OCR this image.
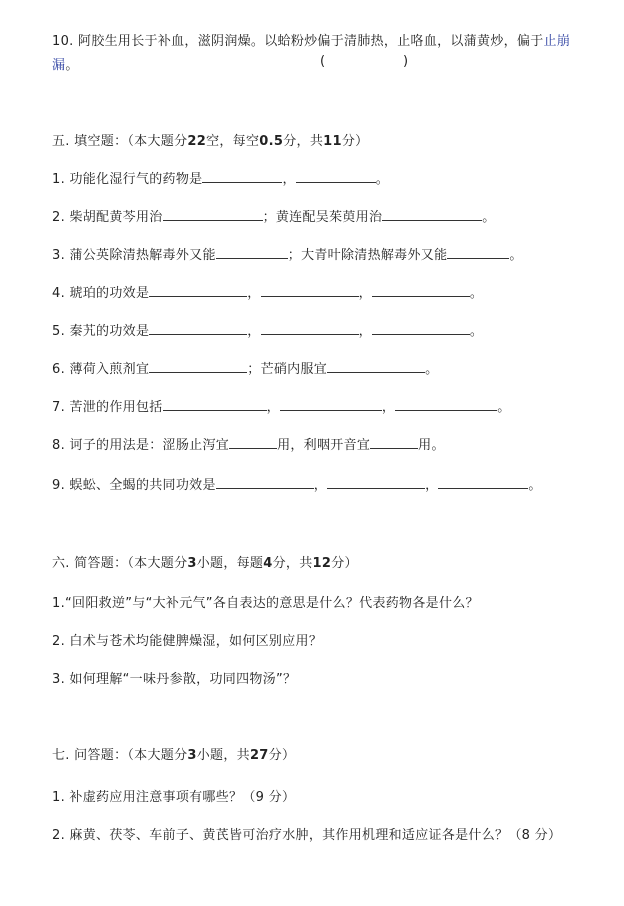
10. 阿胶生用长于补血，滋阴润燥。以蛤粉炒偏于清肺热，止咯血，以蒲黄炒，偏于止崩
漏。	(	)
五. 填空题：（本大题分22空，每空0.5分，共11分）
1. 功能化湿行气的药物是	，	。
2. 柴胡配黄芩用治	；黄连配吴茱萸用治	。
3. 蒲公英除清热解毒外又能	；大青叶除清热解毒外又能	。
4. 琥珀的功效是	，	，	。
5. 秦艽的功效是	，	，	。
6. 薄荷入煎剂宜	；芒硝内服宜	。
7. 苦泄的作用包括	，	，	。
8. 诃子的用法是：涩肠止泻宜	用，利咽开音宜	用。
9. 蜈蚣、全蝎的共同功效是	，	，	。
六. 简答题：（本大题分3小题，每题4分，共12分）
1.“回阳救逆”与“大补元气”各自表达的意思是什么？代表药物各是什么？
2. 白术与苍术均能健脾燥湿，如何区别应用？
3. 如何理解“一味丹参散，功同四物汤”？
七. 问答题：（本大题分3小题，共27分）
1. 补虚药应用注意事项有哪些？（9 分）
2. 麻黄、茯苓、车前子、黄芪皆可治疗水肿，其作用机理和适应证各是什么？（8 分）
